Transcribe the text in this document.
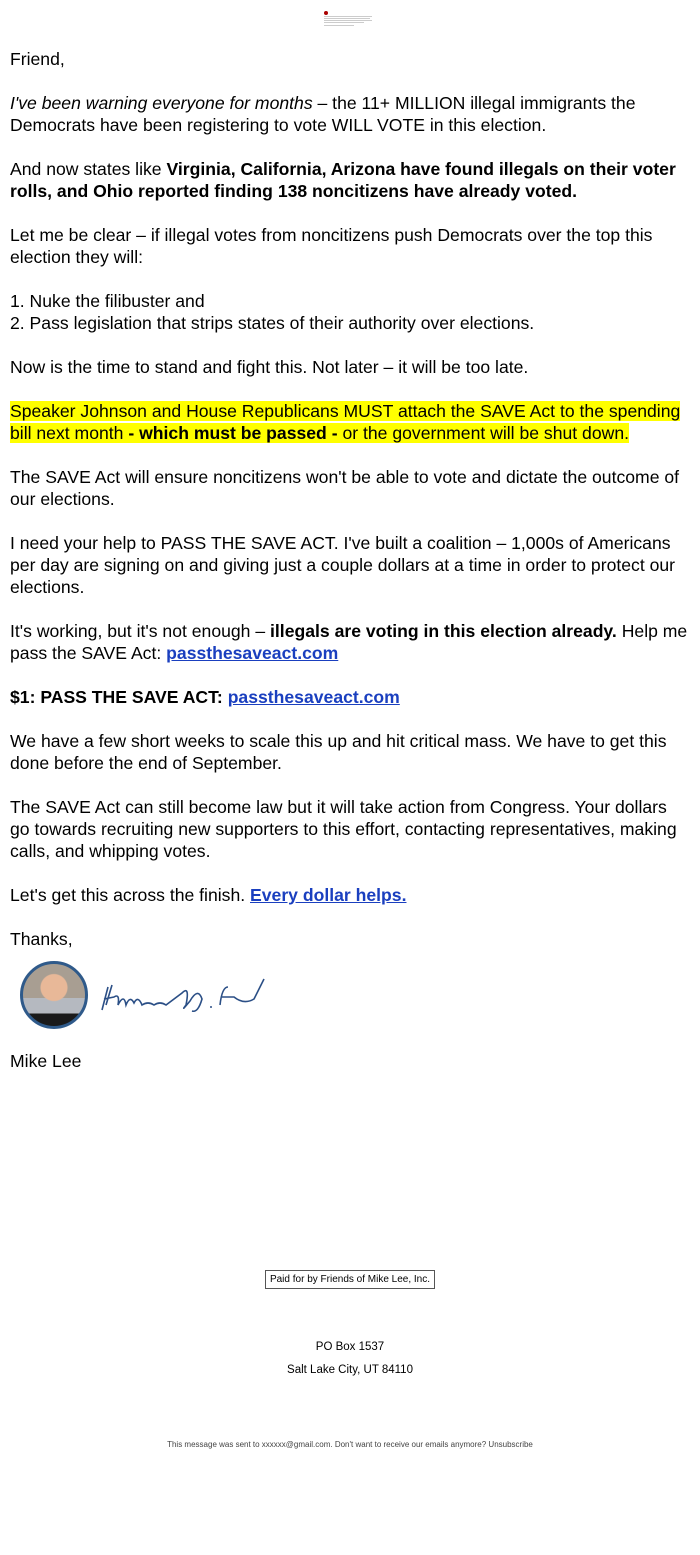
Friend,

I've been warning everyone for months – the 11+ MILLION illegal immigrants the Democrats have been registering to vote WILL VOTE in this election.

And now states like Virginia, California, Arizona have found illegals on their voter rolls, and Ohio reported finding 138 noncitizens have already voted.

Let me be clear – if illegal votes from noncitizens push Democrats over the top this election they will:

1. Nuke the filibuster and
2. Pass legislation that strips states of their authority over elections.

Now is the time to stand and fight this. Not later – it will be too late.

Speaker Johnson and House Republicans MUST attach the SAVE Act to the spending bill next month - which must be passed - or the government will be shut down.

The SAVE Act will ensure noncitizens won't be able to vote and dictate the outcome of our elections.

I need your help to PASS THE SAVE ACT. I've built a coalition – 1,000s of Americans per day are signing on and giving just a couple dollars at a time in order to protect our elections.

It's working, but it's not enough – illegals are voting in this election already. Help me pass the SAVE Act: passthesaveact.com

$1: PASS THE SAVE ACT: passthesaveact.com

We have a few short weeks to scale this up and hit critical mass. We have to get this done before the end of September.

The SAVE Act can still become law but it will take action from Congress. Your dollars go towards recruiting new supporters to this effort, contacting representatives, making calls, and whipping votes.

Let's get this across the finish. Every dollar helps.

Thanks,

Mike Lee

Paid for by Friends of Mike Lee, Inc.
PO Box 1537
Salt Lake City, UT 84110
This message was sent to xxxxxx@gmail.com. Don't want to receive our emails anymore? Unsubscribe
